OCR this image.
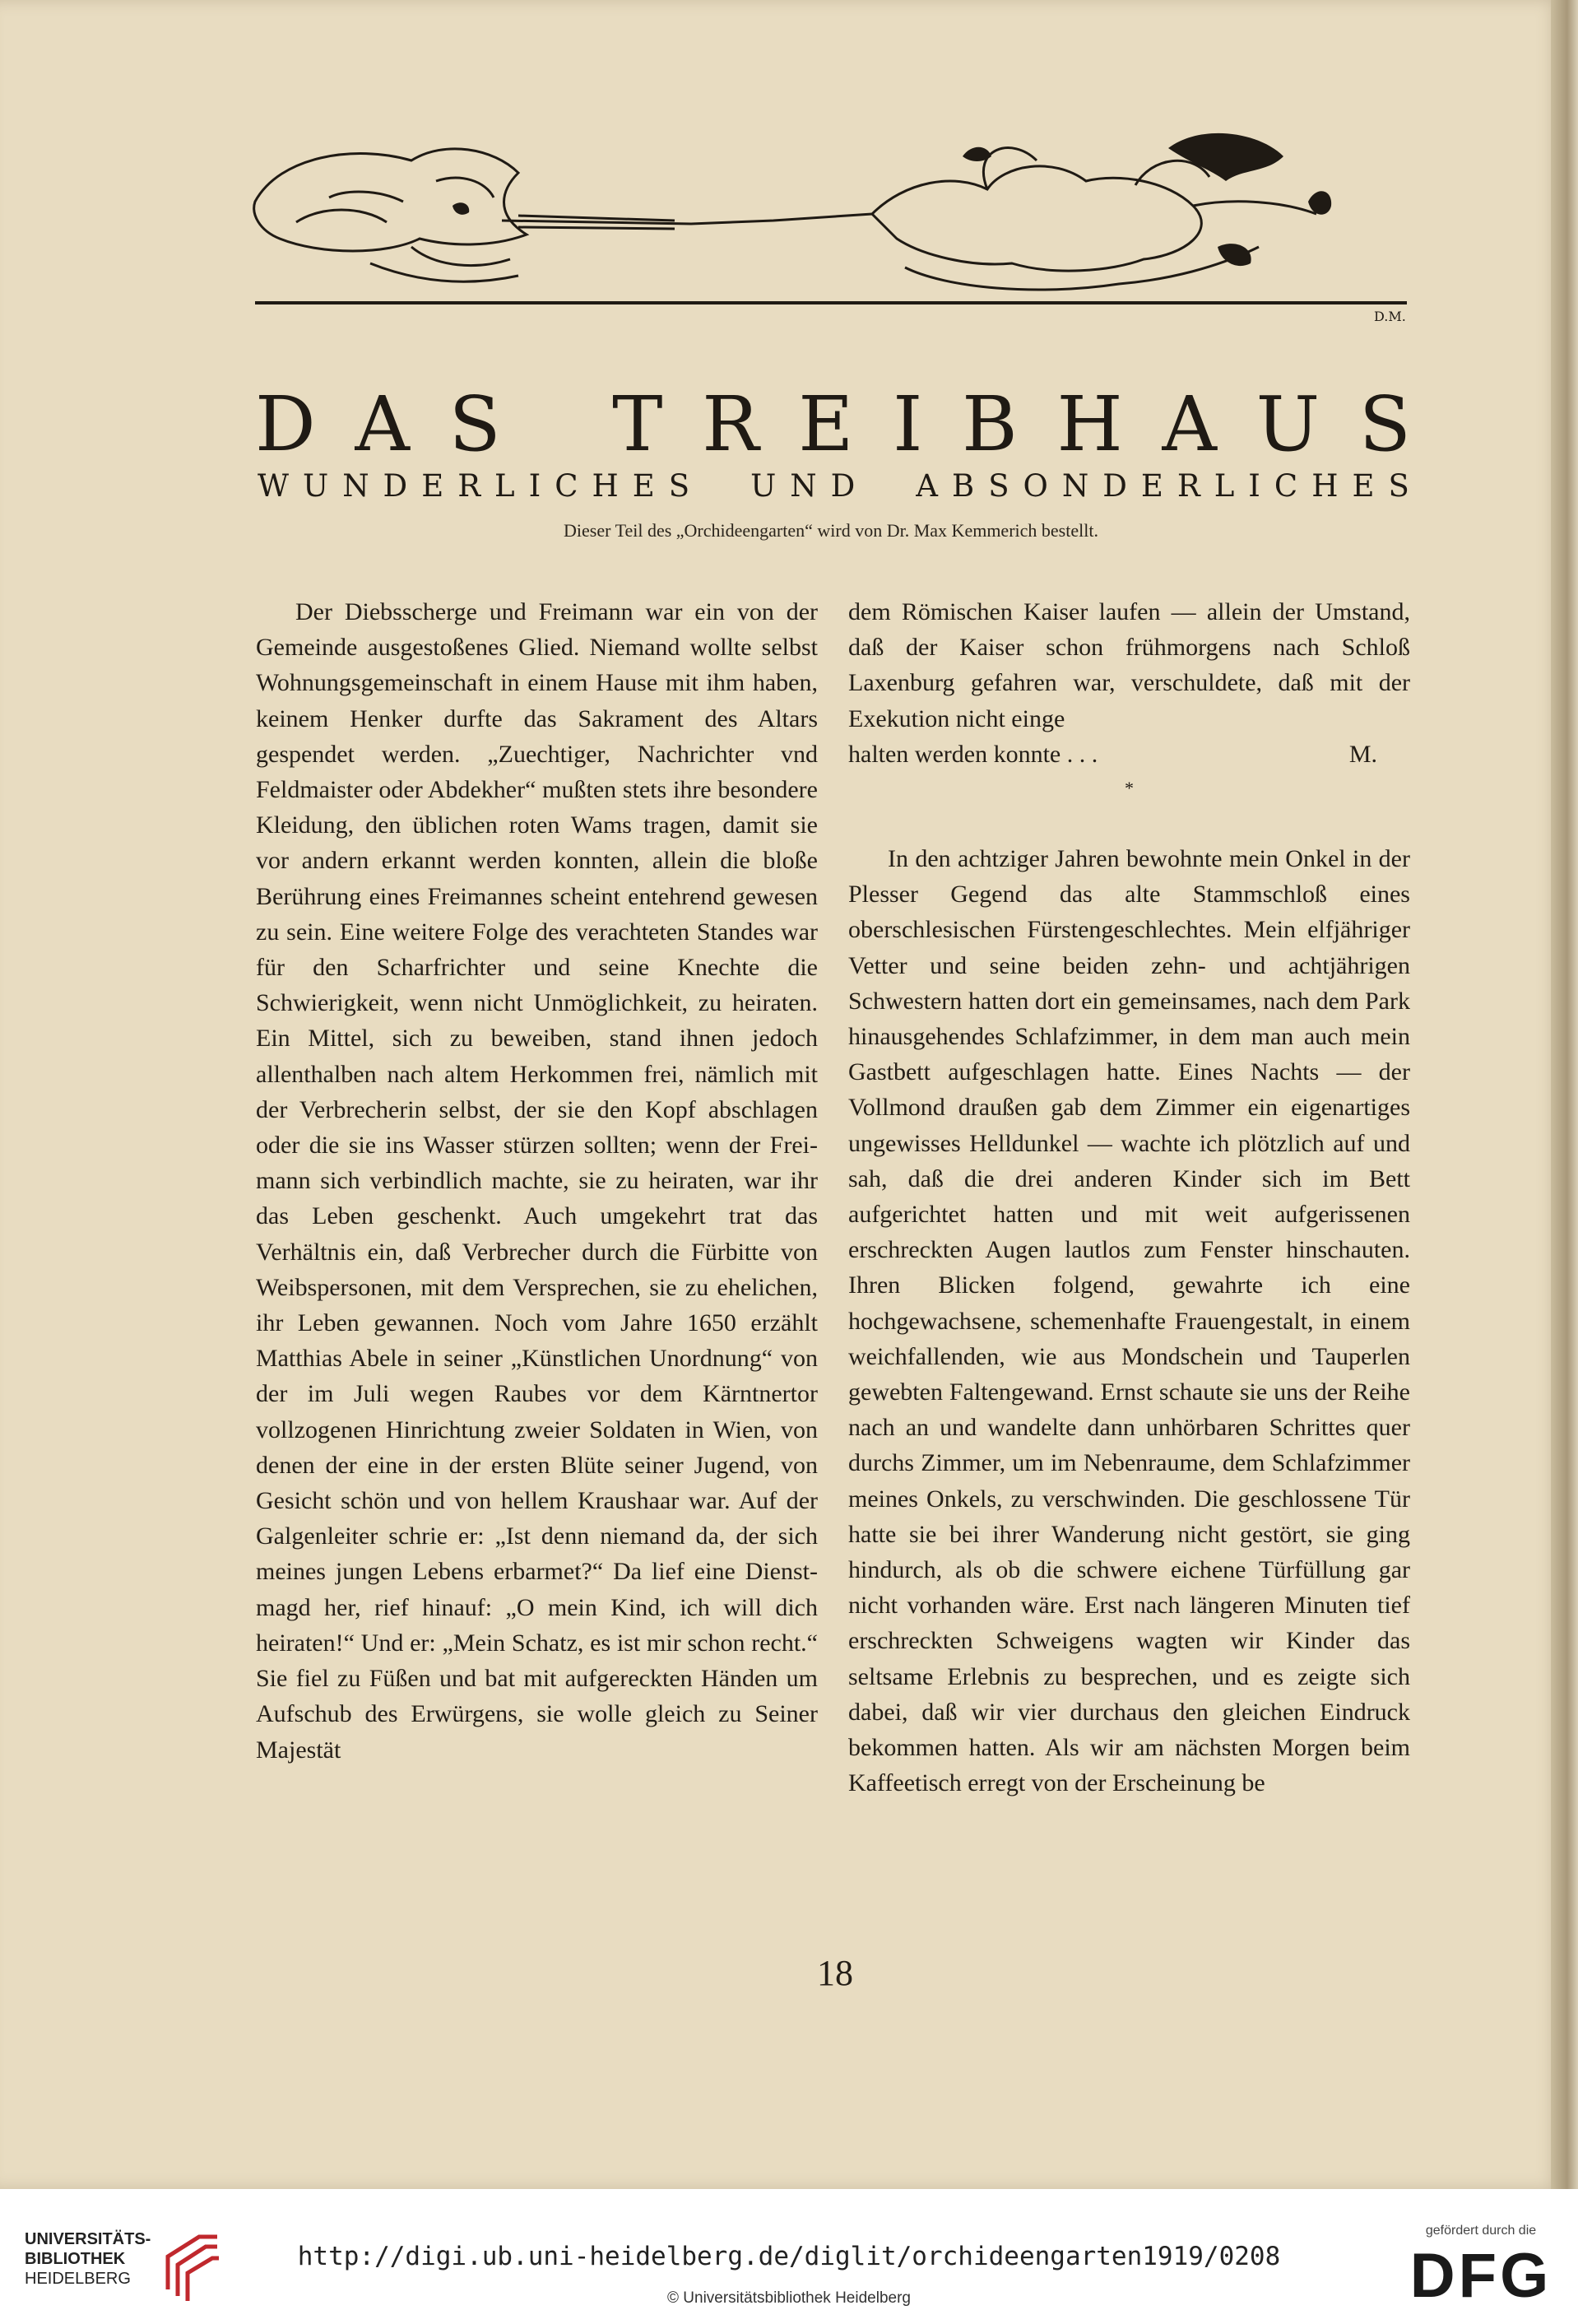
D.M.
D A S T R E I B H A U S
W U N D E R L I C H E S U N D A B S O N D E R L I C H E S
Dieser Teil des „Orchideengarten“ wird von Dr. Max Kemmerich bestellt.

Der Diebsscherge und Freimann war ein von der Gemeinde ausgestoßenes Glied. Niemand wollte selbst Wohnungsgemeinschaft in einem Hause mit ihm haben, keinem Henker durfte das Sakrament des Altars gespendet werden. „Zuechtiger, Nachrichter vnd Feldmaister oder Abdekher“ mußten stets ihre besondere Kleidung, den üblichen roten Wams tragen, damit sie vor andern erkannt werden konnten, allein die bloße Berührung eines Freimannes scheint entehrend gewesen zu sein. Eine weitere Folge des verachteten Standes war für den Scharfrichter und seine Knechte die Schwierigkeit, wenn nicht Unmöglichkeit, zu heiraten. Ein Mittel, sich zu beweiben, stand ihnen jedoch allenthalben nach altem Herkommen frei, nämlich mit der Verbrecherin selbst, der sie den Kopf abschlagen oder die sie ins Wasser stürzen sollten; wenn der Freimann sich verbindlich machte, sie zu heiraten, war ihr das Leben geschenkt. Auch umgekehrt trat das Verhältnis ein, daß Verbrecher durch die Fürbitte von Weibspersonen, mit dem Versprechen, sie zu ehelichen, ihr Leben gewannen. Noch vom Jahre 1650 erzählt Matthias Abele in seiner „Künstlichen Unordnung“ von der im Juli wegen Raubes vor dem Kärntnertor vollzogenen Hinrichtung zweier Soldaten in Wien, von denen der eine in der ersten Blüte seiner Jugend, von Gesicht schön und von hellem Kraushaar war. Auf der Galgenleiter schrie er: „Ist denn niemand da, der sich meines jungen Lebens erbarmet?“ Da lief eine Dienstmagd her, rief hinauf: „O mein Kind, ich will dich heiraten!“ Und er: „Mein Schatz, es ist mir schon recht.“ Sie fiel zu Füßen und bat mit aufgereckten Händen um Aufschub des Erwürgens, sie wolle gleich zu Seiner Majestät

dem Römischen Kaiser laufen — allein der Umstand, daß der Kaiser schon frühmorgens nach Schloß Laxenburg gefahren war, verschuldete, daß mit der Exekution nicht einge

halten werden konnte . . .	M.
*

In den achtziger Jahren bewohnte mein Onkel in der Plesser Gegend das alte Stammschloß eines oberschlesischen Fürstengeschlechtes. Mein elfjähriger Vetter und seine beiden zehn- und achtjährigen Schwestern hatten dort ein gemeinsames, nach dem Park hinausgehendes Schlafzimmer, in dem man auch mein Gastbett aufgeschlagen hatte. Eines Nachts — der Vollmond draußen gab dem Zimmer ein eigenartiges ungewisses Helldunkel — wachte ich plötzlich auf und sah, daß die drei anderen Kinder sich im Bett aufgerichtet hatten und mit weit aufgerissenen erschreckten Augen lautlos zum Fenster hinschauten. Ihren Blicken folgend, gewahrte ich eine hochgewachsene, schemenhafte Frauengestalt, in einem weichfallenden, wie aus Mondschein und Tauperlen gewebten Faltengewand. Ernst schaute sie uns der Reihe nach an und wandelte dann unhörbaren Schrittes quer durchs Zimmer, um im Nebenraume, dem Schlafzimmer meines Onkels, zu verschwinden. Die geschlossene Tür hatte sie bei ihrer Wanderung nicht gestört, sie ging hindurch, als ob die schwere eichene Türfüllung gar nicht vorhanden wäre. Erst nach längeren Minuten tief erschreckten Schweigens wagten wir Kinder das seltsame Erlebnis zu besprechen, und es zeigte sich dabei, daß wir vier durchaus den gleichen Eindruck bekommen hatten. Als wir am nächsten Morgen beim Kaffeetisch erregt von der Erscheinung be

18
UNIVERSITÄTS-
BIBLIOTHEK
HEIDELBERG
http://digi.ub.uni-heidelberg.de/diglit/orchideengarten1919/0208
© Universitätsbibliothek Heidelberg
gefördert durch die
DFG
